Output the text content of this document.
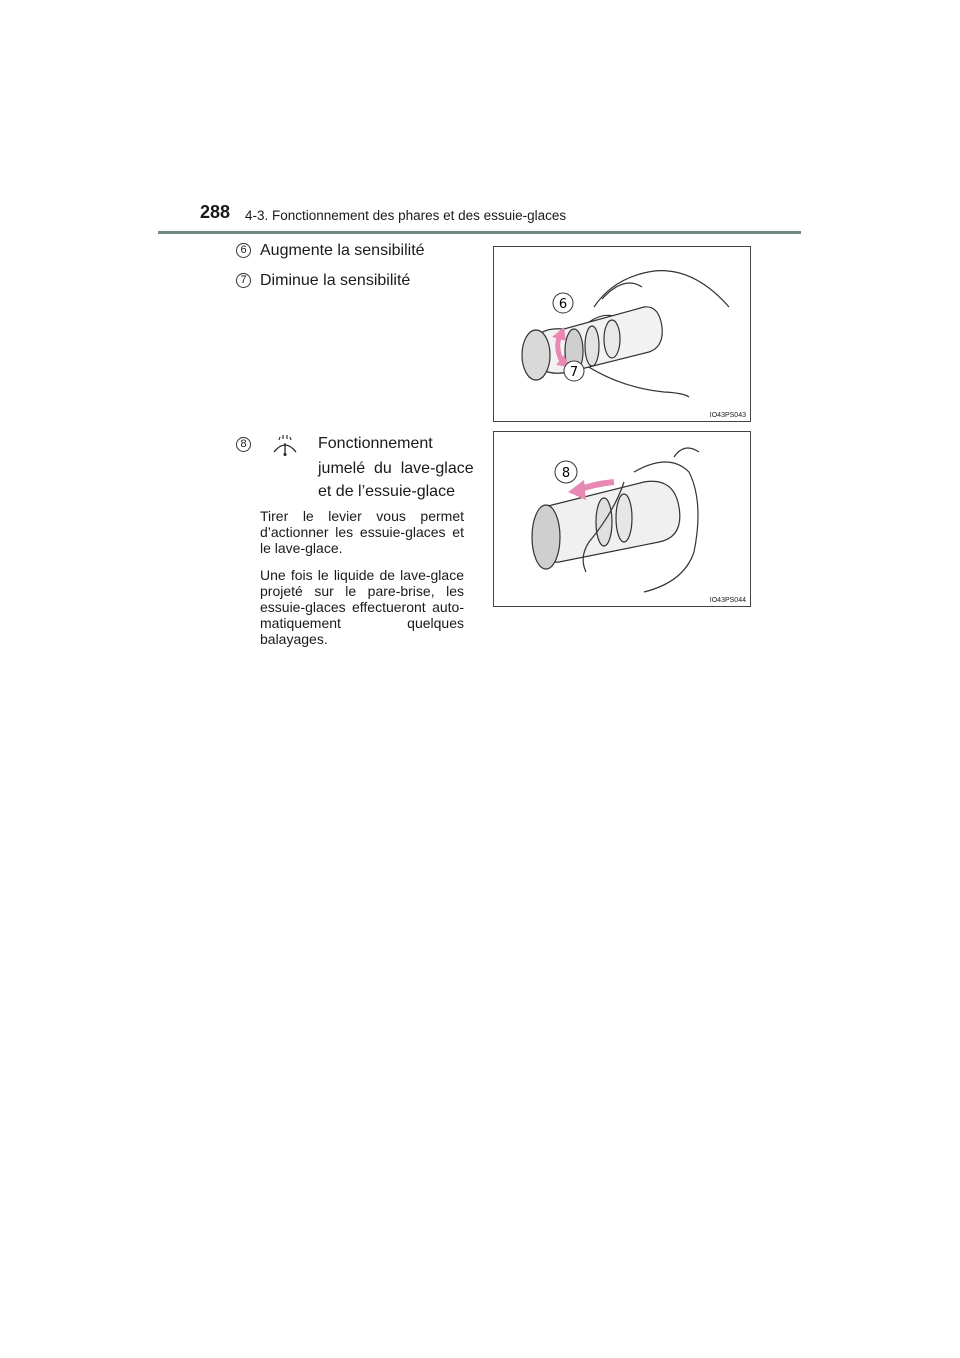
288 4-3. Fonctionnement des phares et des essuie-glaces
6 Augmente la sensibilité
7 Diminue la sensibilité
8	Fonctionnement
jumelé  du  lave-glace
et de l’essuie-glace
Tirer le levier vous permet d’actionner les essuie-glaces et le lave-glace.
Une fois le liquide de lave-glace projeté sur le pare-brise, les essuie-glaces effectueront automatiquement quelques balayages.
6
7
IO43PS043
8
IO43PS044
